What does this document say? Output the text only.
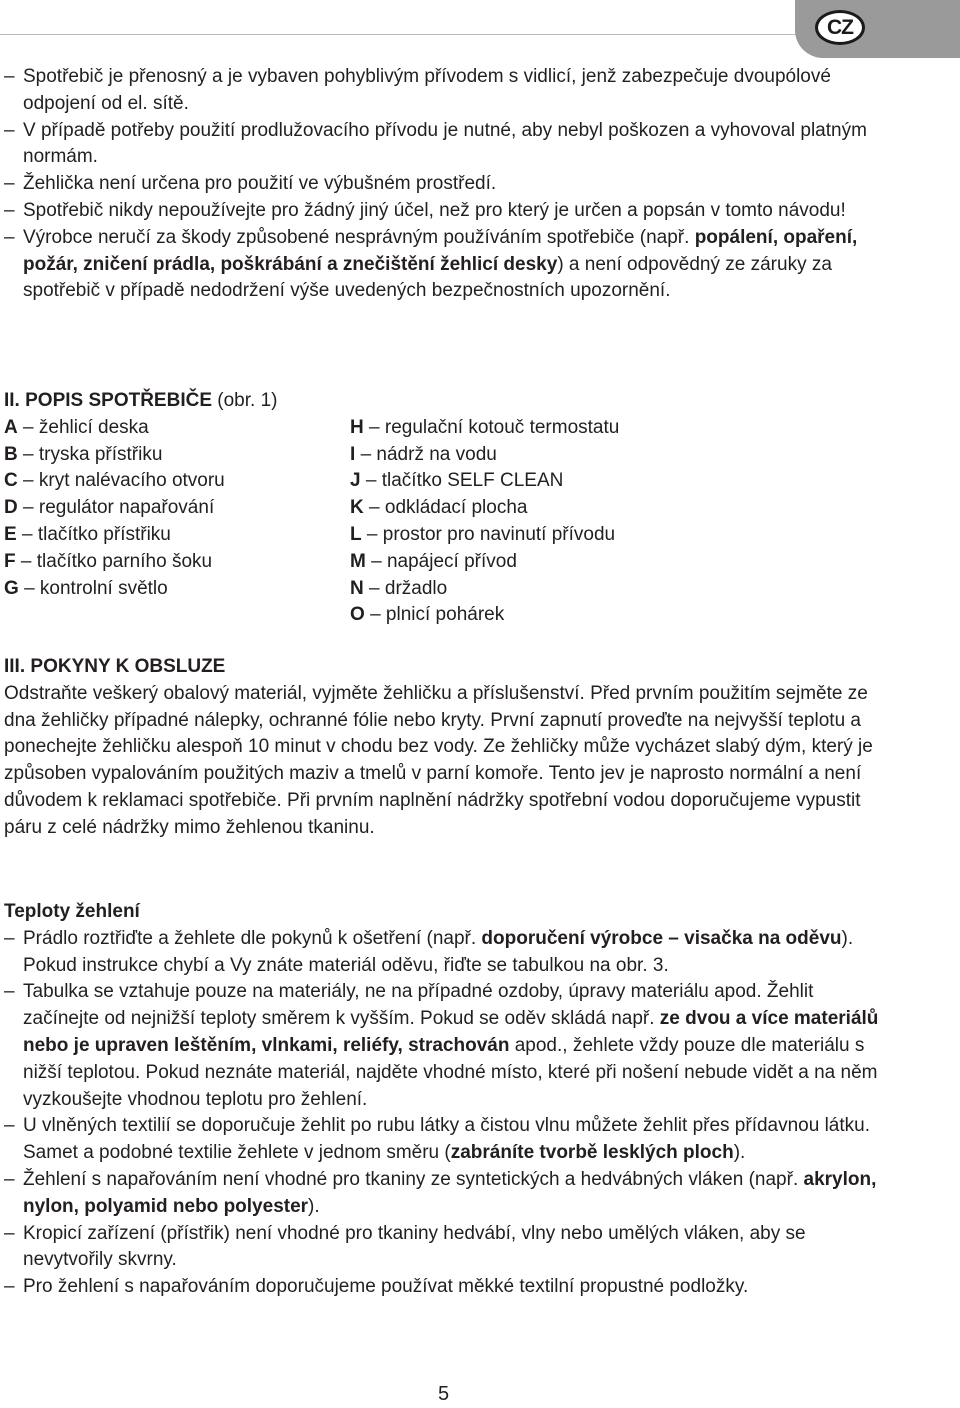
CZ
– Spotřebič je přenosný a je vybaven pohyblivým přívodem s vidlicí, jenž zabezpečuje dvoupólové odpojení od el. sítě.
– V případě potřeby použití prodlužovacího přívodu je nutné, aby nebyl poškozen a vyhovoval platným normám.
– Žehlička není určena pro použití ve výbušném prostředí.
– Spotřebič nikdy nepoužívejte pro žádný jiný účel, než pro který je určen a popsán v tomto návodu!
– Výrobce neručí za škody způsobené nesprávným používáním spotřebiče (např. popálení, opaření, požár, zničení prádla, poškrábání a znečištění žehlicí desky) a není odpovědný ze záruky za spotřebič v případě nedodržení výše uvedených bezpečnostních upozornění.
II. POPIS SPOTŘEBIČE (obr. 1)
A – žehlicí deska
B – tryska přístřiku
C – kryt nalévacího otvoru
D – regulátor napařování
E – tlačítko přístřiku
F – tlačítko parního šoku
G – kontrolní světlo
H – regulační kotouč termostatu
I – nádrž na vodu
J – tlačítko SELF CLEAN
K – odkládací plocha
L – prostor pro navinutí přívodu
M – napájecí přívod
N – držadlo
O – plnicí pohárek
III. POKYNY K OBSLUZE
Odstraňte veškerý obalový materiál, vyjměte žehličku a příslušenství. Před prvním použitím sejměte ze dna žehličky případné nálepky, ochranné fólie nebo kryty. První zapnutí proveďte na nejvyšší teplotu a ponechejte žehličku alespoň 10 minut v chodu bez vody. Ze žehličky může vycházet slabý dým, který je způsoben vypalováním použitých maziv a tmelů v parní komoře. Tento jev je naprosto normální a není důvodem k reklamaci spotřebiče. Při prvním naplnění nádržky spotřební vodou doporučujeme vypustit páru z celé nádržky mimo žehlenou tkaninu.
Teploty žehlení
– Prádlo roztřiďte a žehlete dle pokynů k ošetření (např. doporučení výrobce – visačka na oděvu). Pokud instrukce chybí a Vy znáte materiál oděvu, řiďte se tabulkou na obr. 3.
– Tabulka se vztahuje pouze na materiály, ne na případné ozdoby, úpravy materiálu apod. Žehlit začínejte od nejnižší teploty směrem k vyšším. Pokud se oděv skládá např. ze dvou a více materiálů nebo je upraven leštěním, vlnkami, reliéfy, strachován apod., žehlete vždy pouze dle materiálu s nižší teplotou. Pokud neznáte materiál, najděte vhodné místo, které při nošení nebude vidět a na něm vyzkoušejte vhodnou teplotu pro žehlení.
– U vlněných textilií se doporučuje žehlit po rubu látky a čistou vlnu můžete žehlit přes přídavnou látku. Samet a podobné textilie žehlete v jednom směru (zabráníte tvorbě lesklých ploch).
– Žehlení s napařováním není vhodné pro tkaniny ze syntetických a hedvábných vláken (např. akrylon, nylon, polyamid nebo polyester).
– Kropicí zařízení (přístřik) není vhodné pro tkaniny hedvábí, vlny nebo umělých vláken, aby se nevytvořily skvrny.
– Pro žehlení s napařováním doporučujeme používat měkké textilní propustné podložky.
5
